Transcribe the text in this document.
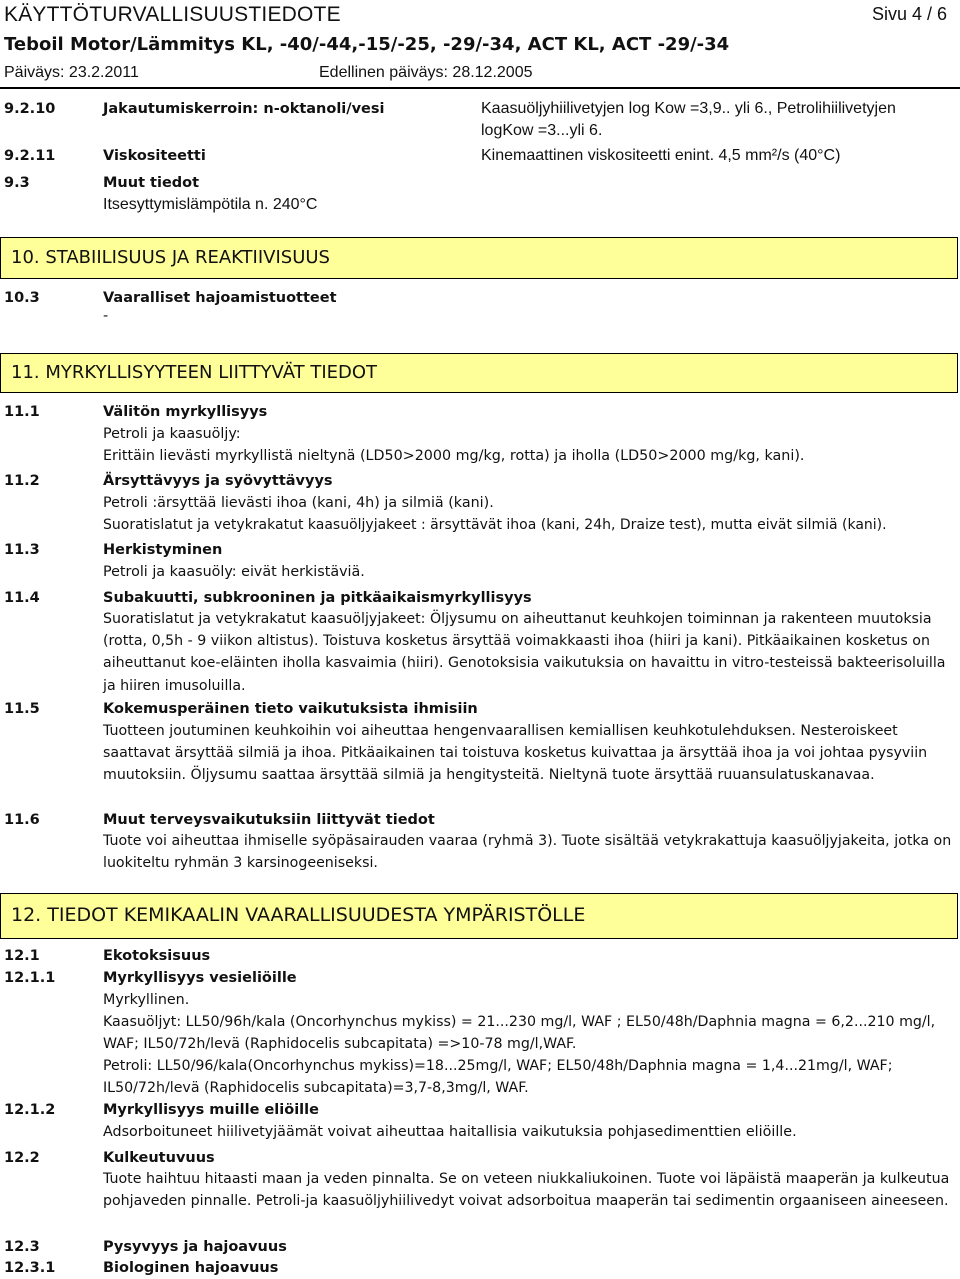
KÄYTTÖTURVALLISUUSTIEDOTE	Sivu 4 / 6
Teboil Motor/Lämmitys KL, -40/-44,-15/-25, -29/-34, ACT KL, ACT -29/-34
Päiväys: 23.2.2011	Edellinen päiväys: 28.12.2005
9.2.10	Jakautumiskerroin: n-oktanoli/vesi	Kaasuöljyhiilivetyjen log Kow =3,9.. yli 6., Petrolihiilivetyjen
logKow =3...yli 6.
9.2.11	Viskositeetti	Kinemaattinen viskositeetti enint. 4,5 mm²/s (40°C)
9.3	Muut tiedot
Itsesyttymislämpötila n. 240°C
10. STABIILISUUS JA REAKTIIVISUUS
10.3	Vaaralliset hajoamistuotteet
-
11. MYRKYLLISYYTEEN LIITTYVÄT TIEDOT
11.1	Välitön myrkyllisyys
Petroli ja kaasuöljy:
Erittäin lievästi myrkyllistä nieltynä (LD50>2000 mg/kg, rotta) ja iholla (LD50>2000 mg/kg, kani).
11.2	Ärsyttävyys ja syövyttävyys
Petroli :ärsyttää lievästi ihoa (kani, 4h) ja silmiä (kani).
Suoratislatut ja vetykrakatut kaasuöljyjakeet : ärsyttävät ihoa (kani, 24h, Draize test), mutta eivät silmiä (kani).
11.3	Herkistyminen
Petroli ja kaasuöly: eivät herkistäviä.
11.4	Subakuutti, subkrooninen ja pitkäaikaismyrkyllisyys
Suoratislatut ja vetykrakatut kaasuöljyjakeet: Öljysumu on aiheuttanut keuhkojen toiminnan ja rakenteen muutoksia (rotta, 0,5h - 9 viikon altistus). Toistuva kosketus ärsyttää voimakkaasti ihoa (hiiri ja kani). Pitkäaikainen kosketus on aiheuttanut koe-eläinten iholla kasvaimia (hiiri). Genotoksisia vaikutuksia on havaittu in vitro-testeissä bakteerisoluilla ja hiiren imusoluilla.
11.5	Kokemusperäinen tieto vaikutuksista ihmisiin
Tuotteen joutuminen keuhkoihin voi aiheuttaa hengenvaarallisen kemiallisen keuhkotulehduksen. Nesteroiskeet saattavat ärsyttää silmiä ja ihoa. Pitkäaikainen tai toistuva kosketus kuivattaa ja ärsyttää ihoa ja voi johtaa pysyviin muutoksiin. Öljysumu saattaa ärsyttää silmiä ja hengitysteitä. Nieltynä tuote ärsyttää ruuansulatuskanavaa.
11.6	Muut terveysvaikutuksiin liittyvät tiedot
Tuote voi aiheuttaa ihmiselle syöpäsairauden vaaraa (ryhmä 3). Tuote sisältää vetykrakattuja kaasuöljyjakeita, jotka on luokiteltu ryhmän 3 karsinogeeniseksi.
12. TIEDOT KEMIKAALIN VAARALLISUUDESTA YMPÄRISTÖLLE
12.1	Ekotoksisuus
12.1.1	Myrkyllisyys vesieliöille
Myrkyllinen.
Kaasuöljyt: LL50/96h/kala (Oncorhynchus mykiss) = 21...230 mg/l, WAF ; EL50/48h/Daphnia magna = 6,2...210 mg/l, WAF; IL50/72h/levä (Raphidocelis subcapitata) =>10-78 mg/l,WAF.
Petroli: LL50/96/kala(Oncorhynchus mykiss)=18...25mg/l, WAF; EL50/48h/Daphnia magna = 1,4...21mg/l, WAF; IL50/72h/levä (Raphidocelis subcapitata)=3,7-8,3mg/l, WAF.
12.1.2	Myrkyllisyys muille eliöille
Adsorboituneet hiilivetyjäämät voivat aiheuttaa haitallisia vaikutuksia pohjasedimenttien eliöille.
12.2	Kulkeutuvuus
Tuote haihtuu hitaasti maan ja veden pinnalta. Se on veteen niukkaliukoinen. Tuote voi läpäistä maaperän ja kulkeutua pohjaveden pinnalle. Petroli-ja kaasuöljyhiilivedyt voivat adsorboitua maaperän tai sedimentin orgaaniseen aineeseen.
12.3	Pysyvyys ja hajoavuus
12.3.1	Biologinen hajoavuus
